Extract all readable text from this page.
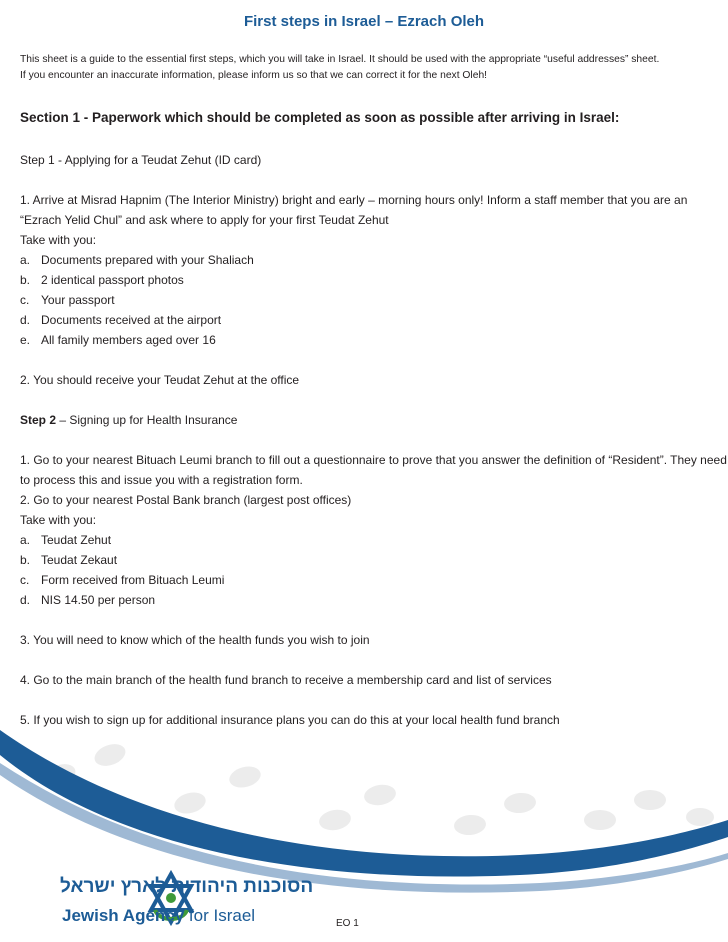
First steps in Israel – Ezrach Oleh

This sheet is a guide to the essential first steps, which you will take in Israel. It should be used with the appropriate “useful addresses” sheet.

If you encounter an inaccurate information, please inform us so that we can correct it for the next Oleh!

Section 1 - Paperwork which should be completed as soon as possible after arriving in Israel:

Step 1 - Applying for a Teudat Zehut (ID card)

1. Arrive at Misrad Hapnim (The Interior Ministry) bright and early – morning hours only! Inform a staff member that you are an

“Ezrach Yelid Chul” and ask where to apply for your first Teudat Zehut

Take with you:

a. Documents prepared with your Shaliach
b. 2 identical passport photos
c. Your passport
d. Documents received at the airport
e. All family members aged over 16

2. You should receive your Teudat Zehut at the office

Step 2 – Signing up for Health Insurance

1. Go to your nearest Bituach Leumi branch to fill out a questionnaire to prove that you answer the definition of “Resident”. They need

to process this and issue you with a registration form.

2. Go to your nearest Postal Bank branch (largest post offices)

Take with you:

a. Teudat Zehut
b. Teudat Zekaut
c. Form received from Bituach Leumi
d. NIS 14.50 per person

3. You will need to know which of the health funds you wish to join

4. Go to the main branch of the health fund branch to receive a membership card and list of services

5. If you wish to sign up for additional insurance plans you can do this at your local health fund branch

הסוכנות היהודית לארץ ישראל
Jewish Agency for Israel	EO 1
